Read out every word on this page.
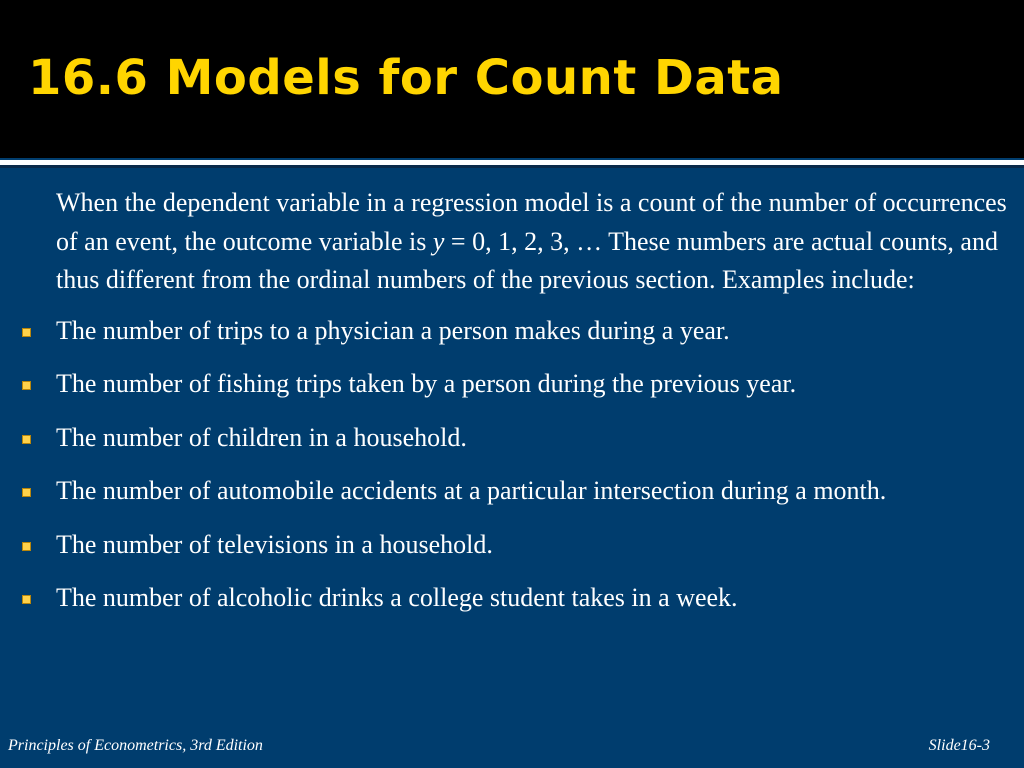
16.6 Models for Count Data

When the dependent variable in a regression model is a count of the number of occurrences of an event, the outcome variable is y = 0, 1, 2, 3, … These numbers are actual counts, and thus different from the ordinal numbers of the previous section. Examples include:

The number of trips to a physician a person makes during a year.
The number of fishing trips taken by a person during the previous year.
The number of children in a household.
The number of automobile accidents at a particular intersection during a month.
The number of televisions in a household.
The number of alcoholic drinks a college student takes in a week.
Principles of Econometrics, 3rd Edition	Slide16-3
